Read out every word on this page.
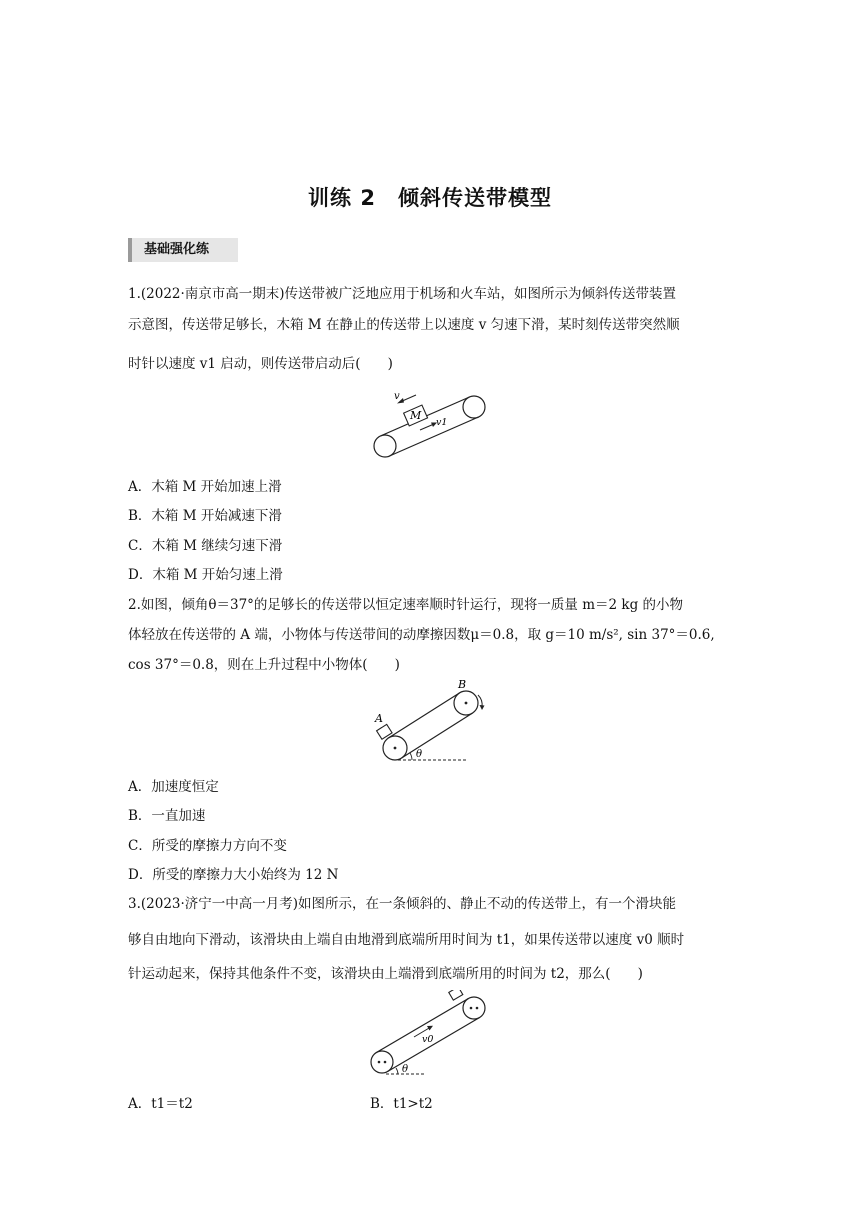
训练 2　倾斜传送带模型
基础强化练
1.(2022·南京市高一期末)传送带被广泛地应用于机场和火车站，如图所示为倾斜传送带装置
示意图，传送带足够长，木箱 M 在静止的传送带上以速度 v 匀速下滑，某时刻传送带突然顺
时针以速度 v1 启动，则传送带启动后(　　)
M
v
v1
A．木箱 M 开始加速上滑
B．木箱 M 开始减速下滑
C．木箱 M 继续匀速下滑
D．木箱 M 开始匀速上滑
2.如图，倾角θ＝37°的足够长的传送带以恒定速率顺时针运行，现将一质量 m＝2 kg 的小物
体轻放在传送带的 A 端，小物体与传送带间的动摩擦因数μ＝0.8，取 g＝10 m/s², sin 37°＝0.6,
cos 37°＝0.8，则在上升过程中小物体(　　)
A
B
θ
A．加速度恒定
B．一直加速
C．所受的摩擦力方向不变
D．所受的摩擦力大小始终为 12 N
3.(2023·济宁一中高一月考)如图所示，在一条倾斜的、静止不动的传送带上，有一个滑块能
够自由地向下滑动，该滑块由上端自由地滑到底端所用时间为 t1，如果传送带以速度 v0 顺时
针运动起来，保持其他条件不变，该滑块由上端滑到底端所用的时间为 t2，那么(　　)
v0
θ
A．t1＝t2	B．t1>t2
